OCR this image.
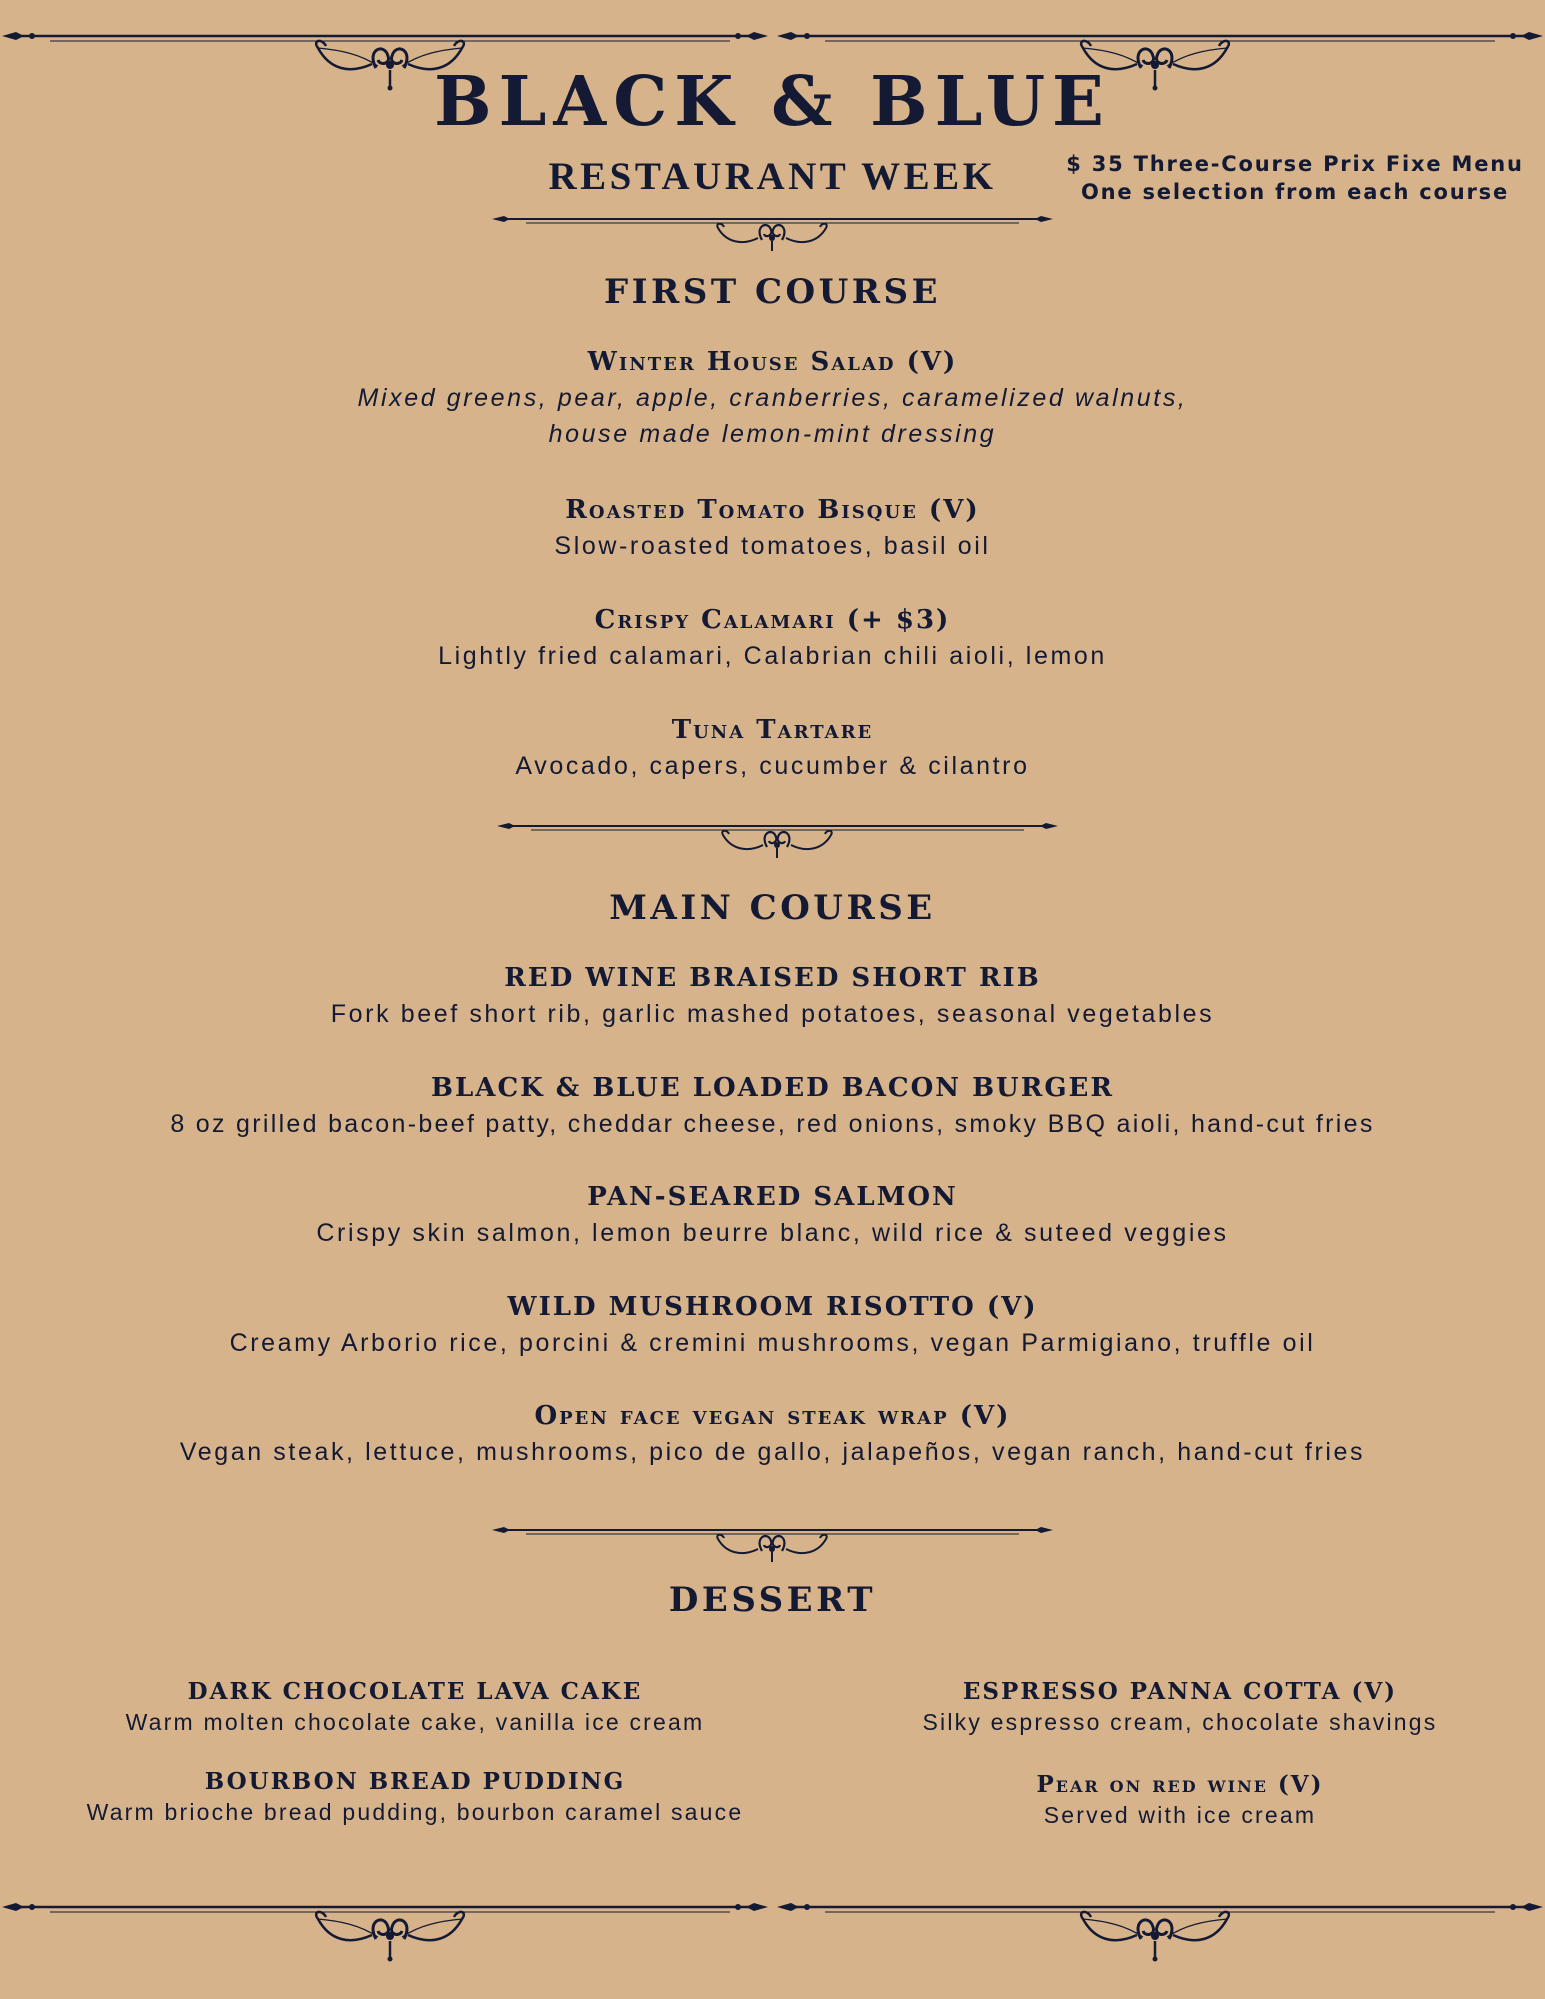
BLACK & BLUE
RESTAURANT WEEK	$ 35 Three-Course Prix Fixe Menu
One selection from each course
FIRST COURSE
Winter House Salad (V)
Mixed greens, pear, apple, cranberries, caramelized walnuts,
house made lemon-mint dressing
Roasted Tomato Bisque (V)
Slow-roasted tomatoes, basil oil
Crispy Calamari (+ $3)
Lightly fried calamari, Calabrian chili aioli, lemon
Tuna Tartare
Avocado, capers, cucumber & cilantro
MAIN COURSE
RED WINE BRAISED SHORT RIB
Fork beef short rib, garlic mashed potatoes, seasonal vegetables
BLACK & BLUE LOADED BACON BURGER
8 oz grilled bacon-beef patty, cheddar cheese, red onions, smoky BBQ aioli, hand-cut fries
PAN-SEARED SALMON
Crispy skin salmon, lemon beurre blanc, wild rice & suteed veggies
WILD MUSHROOM RISOTTO (V)
Creamy Arborio rice, porcini & cremini mushrooms, vegan Parmigiano, truffle oil
Open face vegan steak wrap (V)
Vegan steak, lettuce, mushrooms, pico de gallo, jalapeños, vegan ranch, hand-cut fries
DESSERT
DARK CHOCOLATE LAVA CAKE
Warm molten chocolate cake, vanilla ice cream
ESPRESSO PANNA COTTA (V)
Silky espresso cream, chocolate shavings
BOURBON BREAD PUDDING
Warm brioche bread pudding, bourbon caramel sauce
Pear on red wine (V)
Served with ice cream
